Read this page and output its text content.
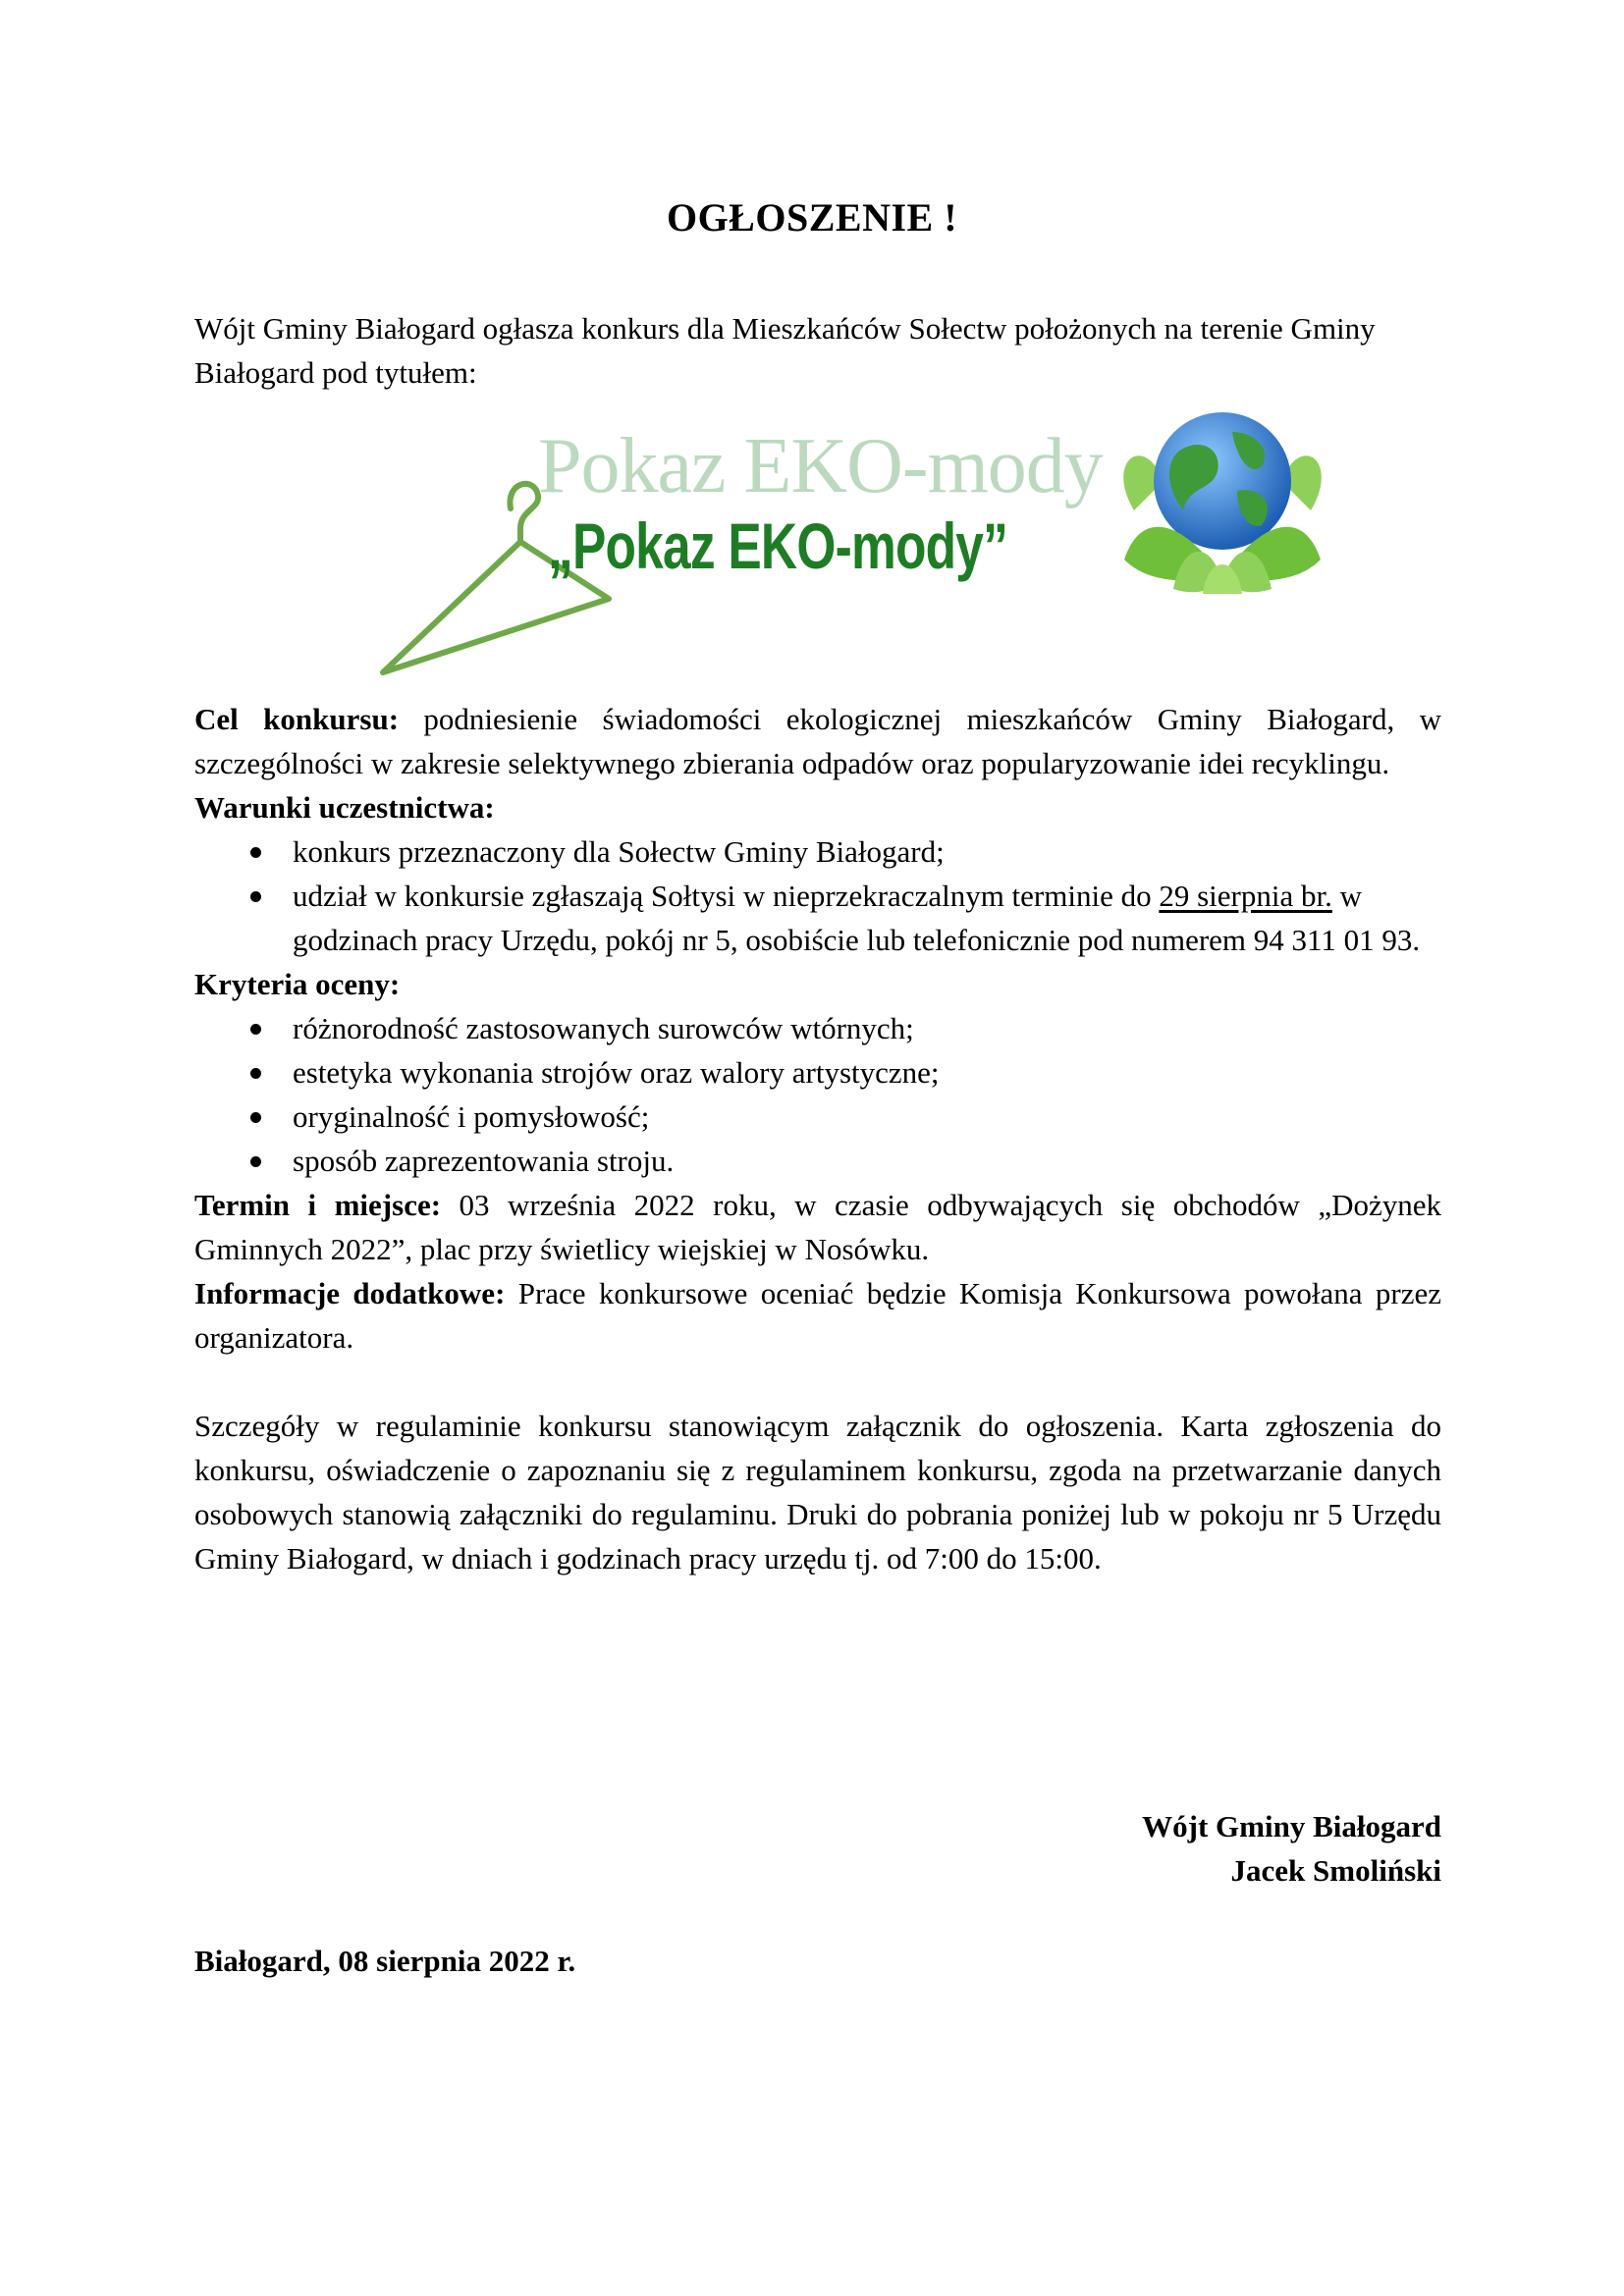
OGŁOSZENIE !

Wójt Gminy Białogard ogłasza konkurs dla Mieszkańców Sołectw położonych na terenie Gminy Białogard pod tytułem:

Pokaz EKO-mody
„Pokaz EKO-mody”

Cel konkursu: podniesienie świadomości ekologicznej mieszkańców Gminy Białogard, w szczególności w zakresie selektywnego zbierania odpadów oraz popularyzowanie idei recyklingu.

Warunki uczestnictwa:

konkurs przeznaczony dla Sołectw Gminy Białogard;
udział w konkursie zgłaszają Sołtysi w nieprzekraczalnym terminie do 29 sierpnia br. w godzinach pracy Urzędu, pokój nr 5, osobiście lub telefonicznie pod numerem 94 311 01 93.

Kryteria oceny:

różnorodność zastosowanych surowców wtórnych;
estetyka wykonania strojów oraz walory artystyczne;
oryginalność i pomysłowość;
sposób zaprezentowania stroju.

Termin i miejsce: 03 września 2022 roku, w czasie odbywających się obchodów „Dożynek Gminnych 2022”, plac przy świetlicy wiejskiej w Nosówku.

Informacje dodatkowe: Prace konkursowe oceniać będzie Komisja Konkursowa powołana przez organizatora.

Szczegóły w regulaminie konkursu stanowiącym załącznik do ogłoszenia. Karta zgłoszenia do konkursu, oświadczenie o zapoznaniu się z regulaminem konkursu, zgoda na przetwarzanie danych osobowych stanowią załączniki do regulaminu. Druki do pobrania poniżej lub w pokoju nr 5 Urzędu Gminy Białogard, w dniach i godzinach pracy urzędu tj. od 7:00 do 15:00.

Wójt Gminy Białogard
Jacek Smoliński
Białogard, 08 sierpnia 2022 r.
